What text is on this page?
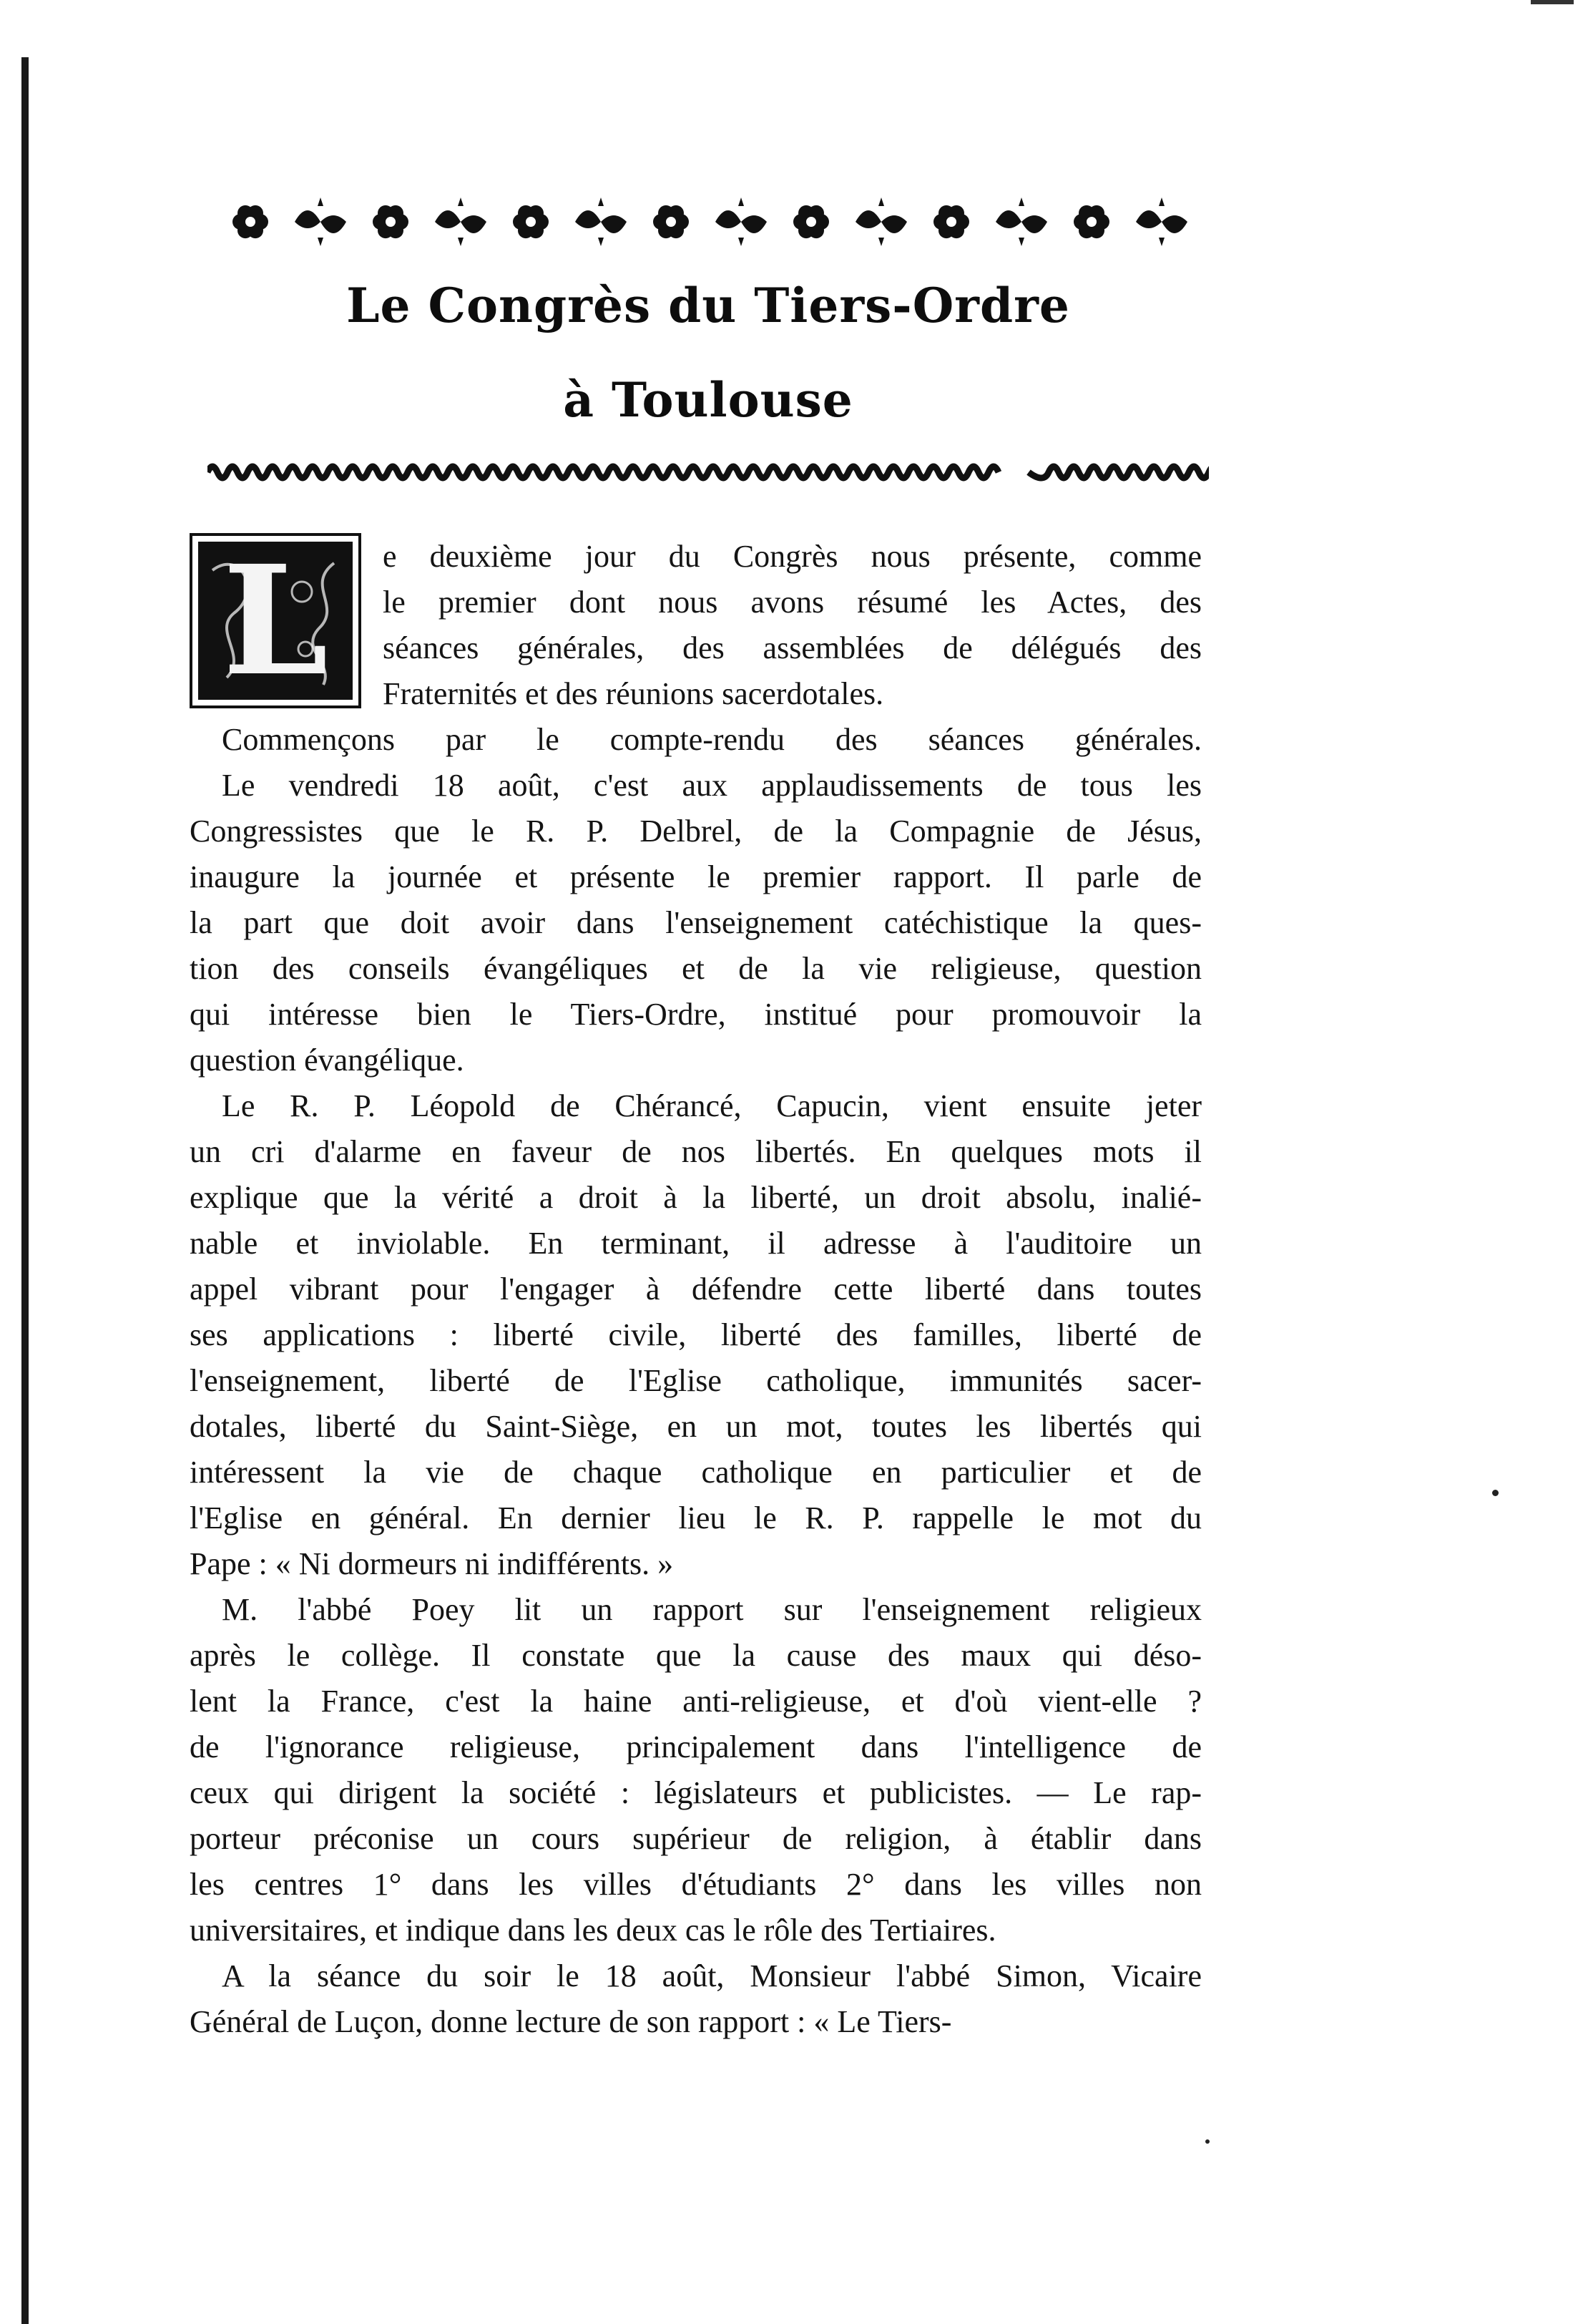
Le Congrès du Tiers-Ordre
à Toulouse
L e deuxième jour du Congrès nous présente, comme
le premier dont nous avons résumé les Actes, des
séances générales, des assemblées de délégués des
Fraternités et des réunions sacerdotales.
Commençons par le compte-rendu des séances générales.
Le vendredi 18 août, c'est aux applaudissements de tous les
Congressistes que le R. P. Delbrel, de la Compagnie de Jésus,
inaugure la journée et présente le premier rapport. Il parle de
la part que doit avoir dans l'enseignement catéchistique la ques-
tion des conseils évangéliques et de la vie religieuse, question
qui intéresse bien le Tiers-Ordre, institué pour promouvoir la
question évangélique.
Le R. P. Léopold de Chérancé, Capucin, vient ensuite jeter
un cri d'alarme en faveur de nos libertés. En quelques mots il
explique que la vérité a droit à la liberté, un droit absolu, inalié-
nable et inviolable. En terminant, il adresse à l'auditoire un
appel vibrant pour l'engager à défendre cette liberté dans toutes
ses applications : liberté civile, liberté des familles, liberté de
l'enseignement, liberté de l'Eglise catholique, immunités sacer-
dotales, liberté du Saint-Siège, en un mot, toutes les libertés qui
intéressent la vie de chaque catholique en particulier et de
l'Eglise en général. En dernier lieu le R. P. rappelle le mot du
Pape : « Ni dormeurs ni indifférents. »
M. l'abbé Poey lit un rapport sur l'enseignement religieux
après le collège. Il constate que la cause des maux qui déso-
lent la France, c'est la haine anti-religieuse, et d'où vient-elle ?
de l'ignorance religieuse, principalement dans l'intelligence de
ceux qui dirigent la société : législateurs et publicistes. — Le rap-
porteur préconise un cours supérieur de religion, à établir dans
les centres 1° dans les villes d'étudiants 2° dans les villes non
universitaires, et indique dans les deux cas le rôle des Tertiaires.
A la séance du soir le 18 août, Monsieur l'abbé Simon, Vicaire
Général de Luçon, donne lecture de son rapport : « Le Tiers-
